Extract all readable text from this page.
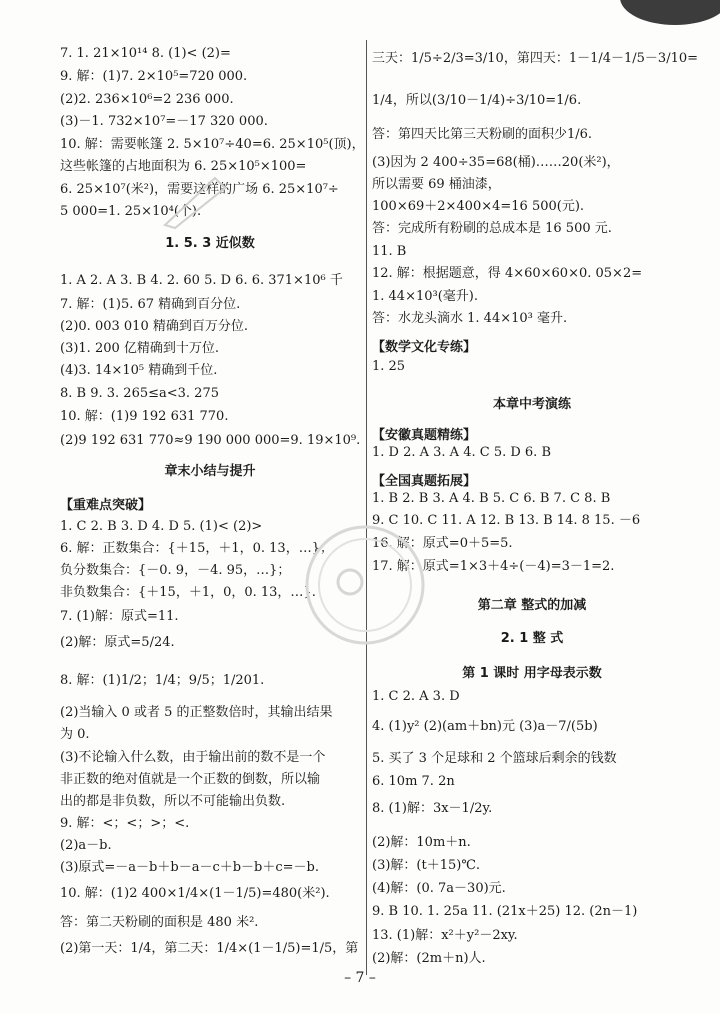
7. 1. 21×10¹⁴ 8. (1)< (2)=
9. 解：(1)7. 2×10⁵=720 000.
(2)2. 236×10⁶=2 236 000.
(3)－1. 732×10⁷=－17 320 000.
10. 解：需要帐篷 2. 5×10⁷÷40=6. 25×10⁵(顶)，
这些帐篷的占地面积为 6. 25×10⁵×100=
6. 25×10⁷(米²)，需要这样的广场 6. 25×10⁷÷
5 000=1. 25×10⁴(个).
1. A 2. A 3. B 4. 2. 60 5. D 6. 6. 371×10⁶ 千
7. 解：(1)5. 67 精确到百分位.
(2)0. 003 010 精确到百万分位.
(3)1. 200 亿精确到十万位.
(4)3. 14×10⁵ 精确到千位.
8. B 9. 3. 265≤a<3. 275
10. 解：(1)9 192 631 770.
(2)9 192 631 770≈9 190 000 000=9. 19×10⁹.
1. C 2. B 3. D 4. D 5. (1)< (2)>
6. 解：正数集合：{＋15，＋1，0. 13，…}；
负分数集合：{－0. 9，－4. 95，…}；
非负数集合：{＋15，＋1，0，0. 13，…}.
7. (1)解：原式=11.
(2)解：原式=5/24.
8. 解：(1)1/2；1/4；9/5；1/201.
(2)当输入 0 或者 5 的正整数倍时，其输出结果
为 0.
(3)不论输入什么数，由于输出前的数不是一个
非正数的绝对值就是一个正数的倒数，所以输
出的都是非负数，所以不可能输出负数.
9. 解：<；<；>；<.
(2)a－b.
(3)原式=－a－b＋b－a－c＋b－b＋c=－b.
10. 解：(1)2 400×1/4×(1－1/5)=480(米²).
答：第二天粉刷的面积是 480 米².
(2)第一天：1/4，第二天：1/4×(1－1/5)=1/5，第
1. 5. 3 近似数
章末小结与提升
【重难点突破】
三天：1/5÷2/3=3/10，第四天：1－1/4－1/5－3/10=
1/4，所以(3/10－1/4)÷3/10=1/6.
答：第四天比第三天粉刷的面积少1/6.
(3)因为 2 400÷35=68(桶)……20(米²)，
所以需要 69 桶油漆，
100×69＋2×400×4=16 500(元).
答：完成所有粉刷的总成本是 16 500 元.
11. B
12. 解：根据题意，得 4×60×60×0. 05×2=
1. 44×10³(毫升).
答：水龙头滴水 1. 44×10³ 毫升.
1. 25
1. D 2. A 3. A 4. C 5. D 6. B
1. B 2. B 3. A 4. B 5. C 6. B 7. C 8. B
9. C 10. C 11. A 12. B 13. B 14. 8 15. －6
16. 解：原式=0＋5=5.
17. 解：原式=1×3＋4÷(－4)=3－1=2.
1. C 2. A 3. D
4. (1)y² (2)(am＋bn)元 (3)a－7/(5b)
5. 买了 3 个足球和 2 个篮球后剩余的钱数
6. 10m 7. 2n
8. (1)解：3x－1/2y.
(2)解：10m＋n.
(3)解：(t＋15)℃.
(4)解：(0. 7a－30)元.
9. B 10. 1. 25a 11. (21x＋25) 12. (2n－1)
13. (1)解：x²＋y²－2xy.
(2)解：(2m＋n)人.
本章中考演练
第二章 整式的加减
2. 1 整 式
第 1 课时 用字母表示数
【数学文化专练】
【安徽真题精练】
【全国真题拓展】
– 7 –
